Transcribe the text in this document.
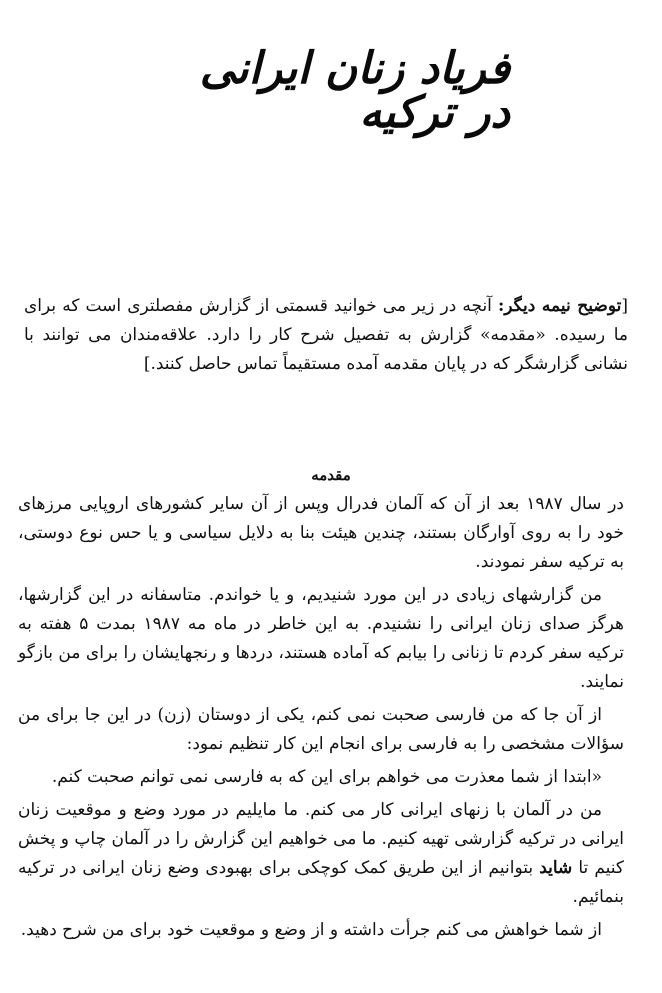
فریاد زنان ایرانی در ترکیه
[توضیح نیمه دیگر: آنچه در زیر می خوانید قسمتی از گزارش مفصلتری است که برای ما رسیده. «مقدمه» گزارش به تفصیل شرح کار را دارد. علاقه‌مندان می توانند با نشانی گزارشگر که در پایان مقدمه آمده مستقیماً تماس حاصل کنند.]
مقدمه

در سال ۱۹۸۷ بعد از آن که آلمان فدرال وپس از آن سایر کشورهای اروپایی مرزهای خود را به روی آوارگان بستند، چندین هیئت بنا به دلایل سیاسی و یا حس نوع دوستی، به ترکیه سفر نمودند.

من گزارشهای زیادی در این مورد شنیدیم، و یا خواندم. متاسفانه در این گزارشها، هرگز صدای زنان ایرانی را نشنیدم. به این خاطر در ماه مه ۱۹۸۷ بمدت ۵ هفته به ترکیه سفر کردم تا زنانی را بیابم که آماده هستند، دردها و رنجهایشان را برای من بازگو نمایند.

از آن جا که من فارسی صحبت نمی کنم، یکی از دوستان (زن) در این جا برای من سؤالات مشخصی را به فارسی برای انجام این کار تنظیم نمود:

«ابتدا از شما معذرت می خواهم برای این که به فارسی نمی توانم صحبت کنم.

من در آلمان با زنهای ایرانی کار می کنم. ما مایلیم در مورد وضع و موقعیت زنان ایرانی در ترکیه گزارشی تهیه کنیم. ما می خواهیم این گزارش را در آلمان چاپ و پخش کنیم تا شاید بتوانیم از این طریق کمک کوچکی برای بهبودی وضع زنان ایرانی در ترکیه بنمائیم.

از شما خواهش می کنم جرأت داشته و از وضع و موقعیت خود برای من شرح دهید.
